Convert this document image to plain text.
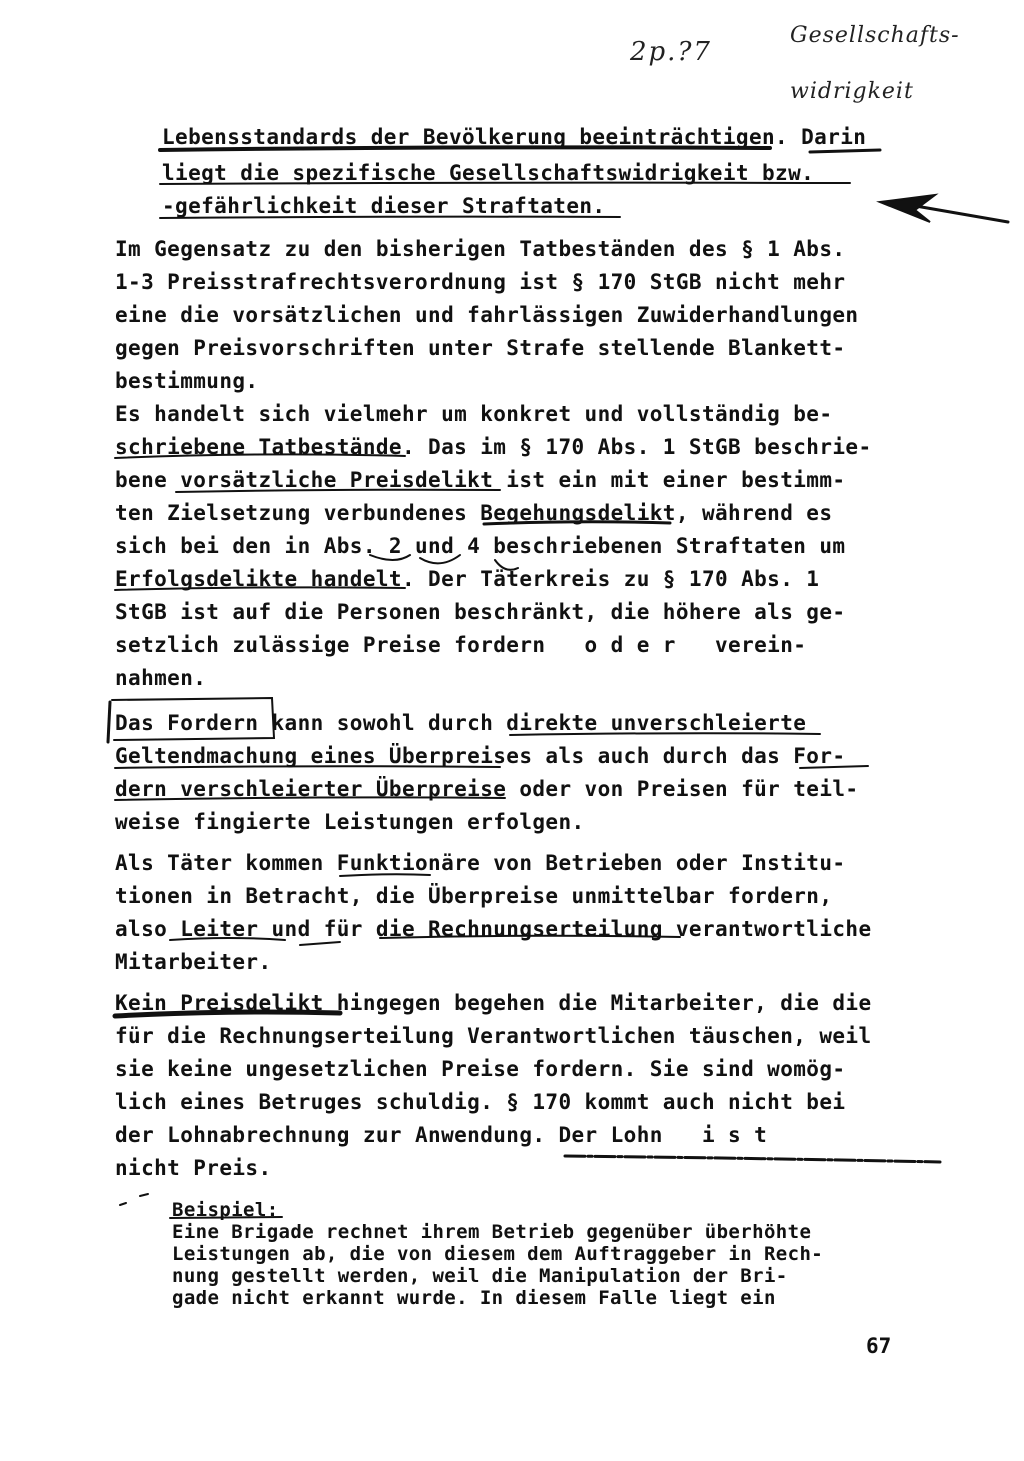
2p.?7
Gesellschafts-
widrigkeit
Lebensstandards der Bevölkerung beeinträchtigen. Darin
liegt die spezifische Gesellschaftswidrigkeit bzw.
-gefährlichkeit dieser Straftaten.
Im Gegensatz zu den bisherigen Tatbeständen des § 1 Abs.
1-3 Preisstrafrechtsverordnung ist § 170 StGB nicht mehr
eine die vorsätzlichen und fahrlässigen Zuwiderhandlungen
gegen Preisvorschriften unter Strafe stellende Blankett-
bestimmung.
Es handelt sich vielmehr um konkret und vollständig be-
schriebene Tatbestände. Das im § 170 Abs. 1 StGB beschrie-
bene vorsätzliche Preisdelikt ist ein mit einer bestimm-
ten Zielsetzung verbundenes Begehungsdelikt, während es
sich bei den in Abs. 2 und 4 beschriebenen Straftaten um
Erfolgsdelikte handelt. Der Täterkreis zu § 170 Abs. 1
StGB ist auf die Personen beschränkt, die höhere als ge-
setzlich zulässige Preise fordern   o d e r   verein-
nahmen.
Das Fordern kann sowohl durch direkte unverschleierte
Geltendmachung eines Überpreises als auch durch das For-
dern verschleierter Überpreise oder von Preisen für teil-
weise fingierte Leistungen erfolgen.
Als Täter kommen Funktionäre von Betrieben oder Institu-
tionen in Betracht, die Überpreise unmittelbar fordern,
also Leiter und für die Rechnungserteilung verantwortliche
Mitarbeiter.
Kein Preisdelikt hingegen begehen die Mitarbeiter, die die
für die Rechnungserteilung Verantwortlichen täuschen, weil
sie keine ungesetzlichen Preise fordern. Sie sind womög-
lich eines Betruges schuldig. § 170 kommt auch nicht bei
der Lohnabrechnung zur Anwendung. Der Lohn   i s t
nicht Preis.
Beispiel:
Eine Brigade rechnet ihrem Betrieb gegenüber überhöhte
Leistungen ab, die von diesem dem Auftraggeber in Rech-
nung gestellt werden, weil die Manipulation der Bri-
gade nicht erkannt wurde. In diesem Falle liegt ein
67
